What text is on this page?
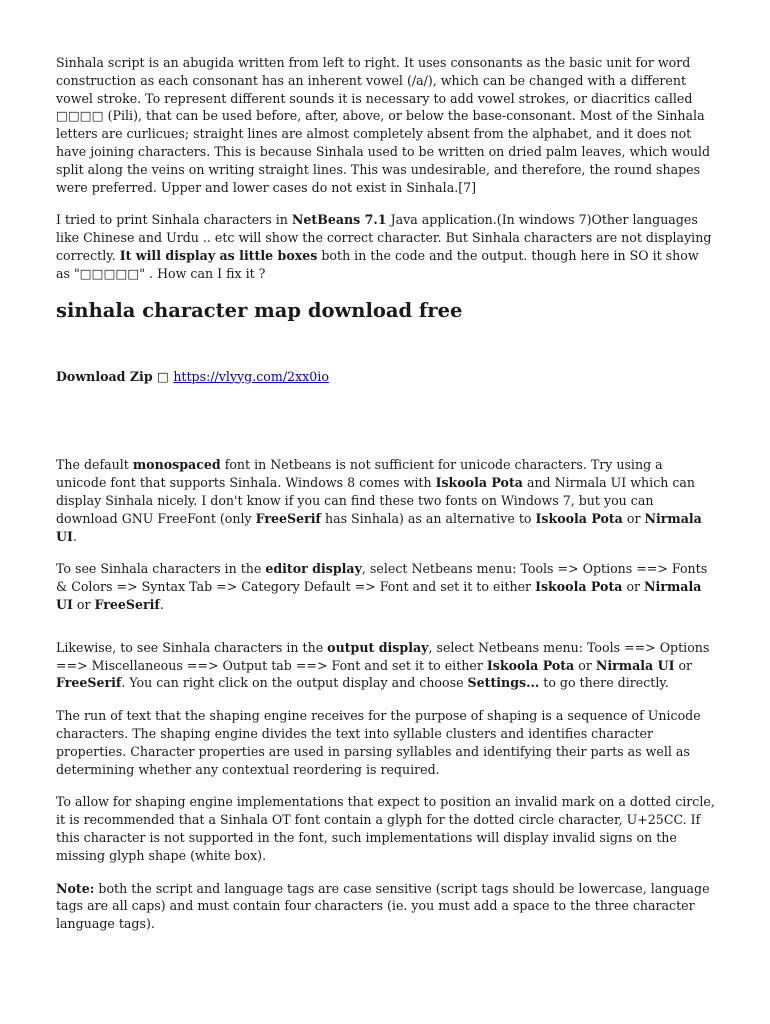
Sinhala script is an abugida written from left to right. It uses consonants as the basic unit for word construction as each consonant has an inherent vowel (/a/), which can be changed with a different vowel stroke. To represent different sounds it is necessary to add vowel strokes, or diacritics called □□□□ (Pili), that can be used before, after, above, or below the base-consonant. Most of the Sinhala letters are curlicues; straight lines are almost completely absent from the alphabet, and it does not have joining characters. This is because Sinhala used to be written on dried palm leaves, which would split along the veins on writing straight lines. This was undesirable, and therefore, the round shapes were preferred. Upper and lower cases do not exist in Sinhala.[7]

I tried to print Sinhala characters in NetBeans 7.1 Java application.(In windows 7)Other languages like Chinese and Urdu .. etc will show the correct character. But Sinhala characters are not displaying correctly. It will display as little boxes both in the code and the output. though here in SO it show as "□□□□□" . How can I fix it ?

sinhala character map download free

Download Zip □ https://vlyyg.com/2xx0io

The default monospaced font in Netbeans is not sufficient for unicode characters. Try using a unicode font that supports Sinhala. Windows 8 comes with Iskoola Pota and Nirmala UI which can display Sinhala nicely. I don't know if you can find these two fonts on Windows 7, but you can download GNU FreeFont (only FreeSerif has Sinhala) as an alternative to Iskoola Pota or Nirmala UI.

To see Sinhala characters in the editor display, select Netbeans menu: Tools => Options ==> Fonts & Colors => Syntax Tab => Category Default => Font and set it to either Iskoola Pota or Nirmala UI or FreeSerif.

Likewise, to see Sinhala characters in the output display, select Netbeans menu: Tools ==> Options ==> Miscellaneous ==> Output tab ==> Font and set it to either Iskoola Pota or Nirmala UI or FreeSerif. You can right click on the output display and choose Settings... to go there directly.

The run of text that the shaping engine receives for the purpose of shaping is a sequence of Unicode characters. The shaping engine divides the text into syllable clusters and identifies character properties. Character properties are used in parsing syllables and identifying their parts as well as determining whether any contextual reordering is required.

To allow for shaping engine implementations that expect to position an invalid mark on a dotted circle, it is recommended that a Sinhala OT font contain a glyph for the dotted circle character, U+25CC. If this character is not supported in the font, such implementations will display invalid signs on the missing glyph shape (white box).

Note: both the script and language tags are case sensitive (script tags should be lowercase, language tags are all caps) and must contain four characters (ie. you must add a space to the three character language tags).
